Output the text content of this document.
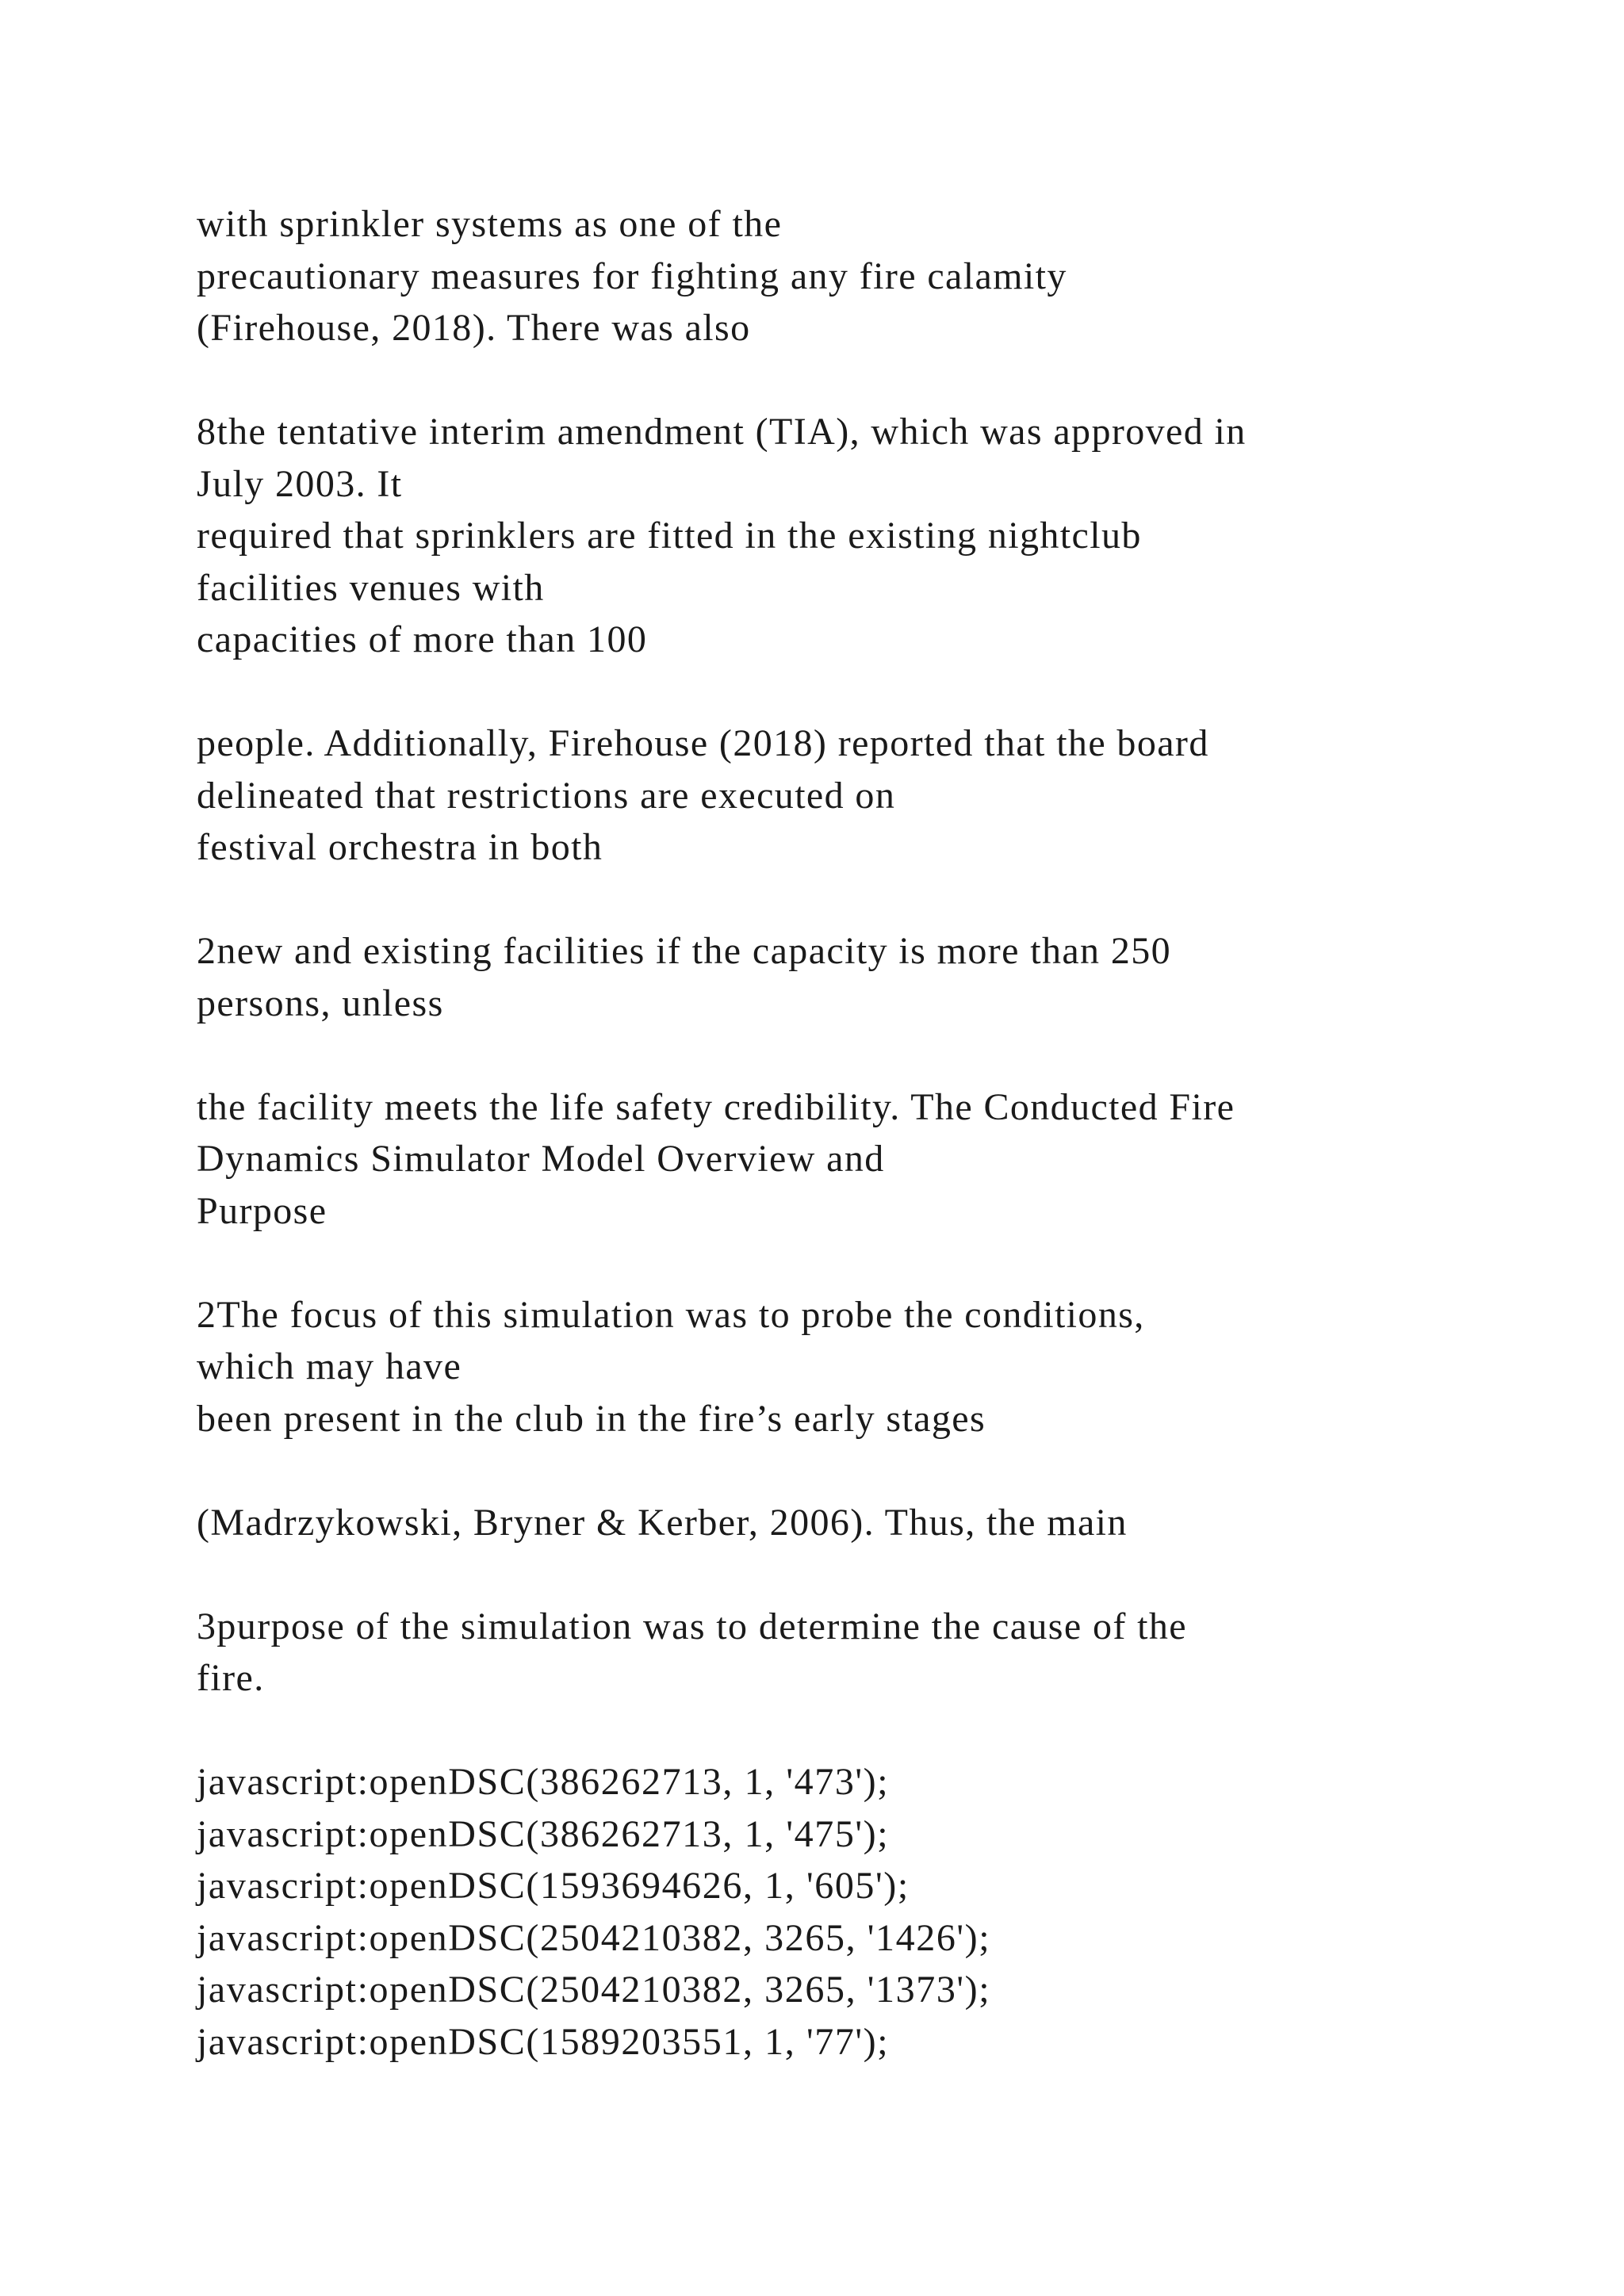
with sprinkler systems as one of the
precautionary measures for fighting any fire calamity
(Firehouse, 2018). There was also

8the tentative interim amendment (TIA), which was approved in
July 2003. It
required that sprinklers are fitted in the existing nightclub
facilities venues with
capacities of more than 100

people. Additionally, Firehouse (2018) reported that the board
delineated that restrictions are executed on
festival orchestra in both

2new and existing facilities if the capacity is more than 250
persons, unless

the facility meets the life safety credibility. The Conducted Fire
Dynamics Simulator Model Overview and
Purpose

2The focus of this simulation was to probe the conditions,
which may have
been present in the club in the fire’s early stages

(Madrzykowski, Bryner & Kerber, 2006). Thus, the main

3purpose of the simulation was to determine the cause of the
fire.

javascript:openDSC(386262713, 1, '473');
javascript:openDSC(386262713, 1, '475');
javascript:openDSC(1593694626, 1, '605');
javascript:openDSC(2504210382, 3265, '1426');
javascript:openDSC(2504210382, 3265, '1373');
javascript:openDSC(1589203551, 1, '77');
